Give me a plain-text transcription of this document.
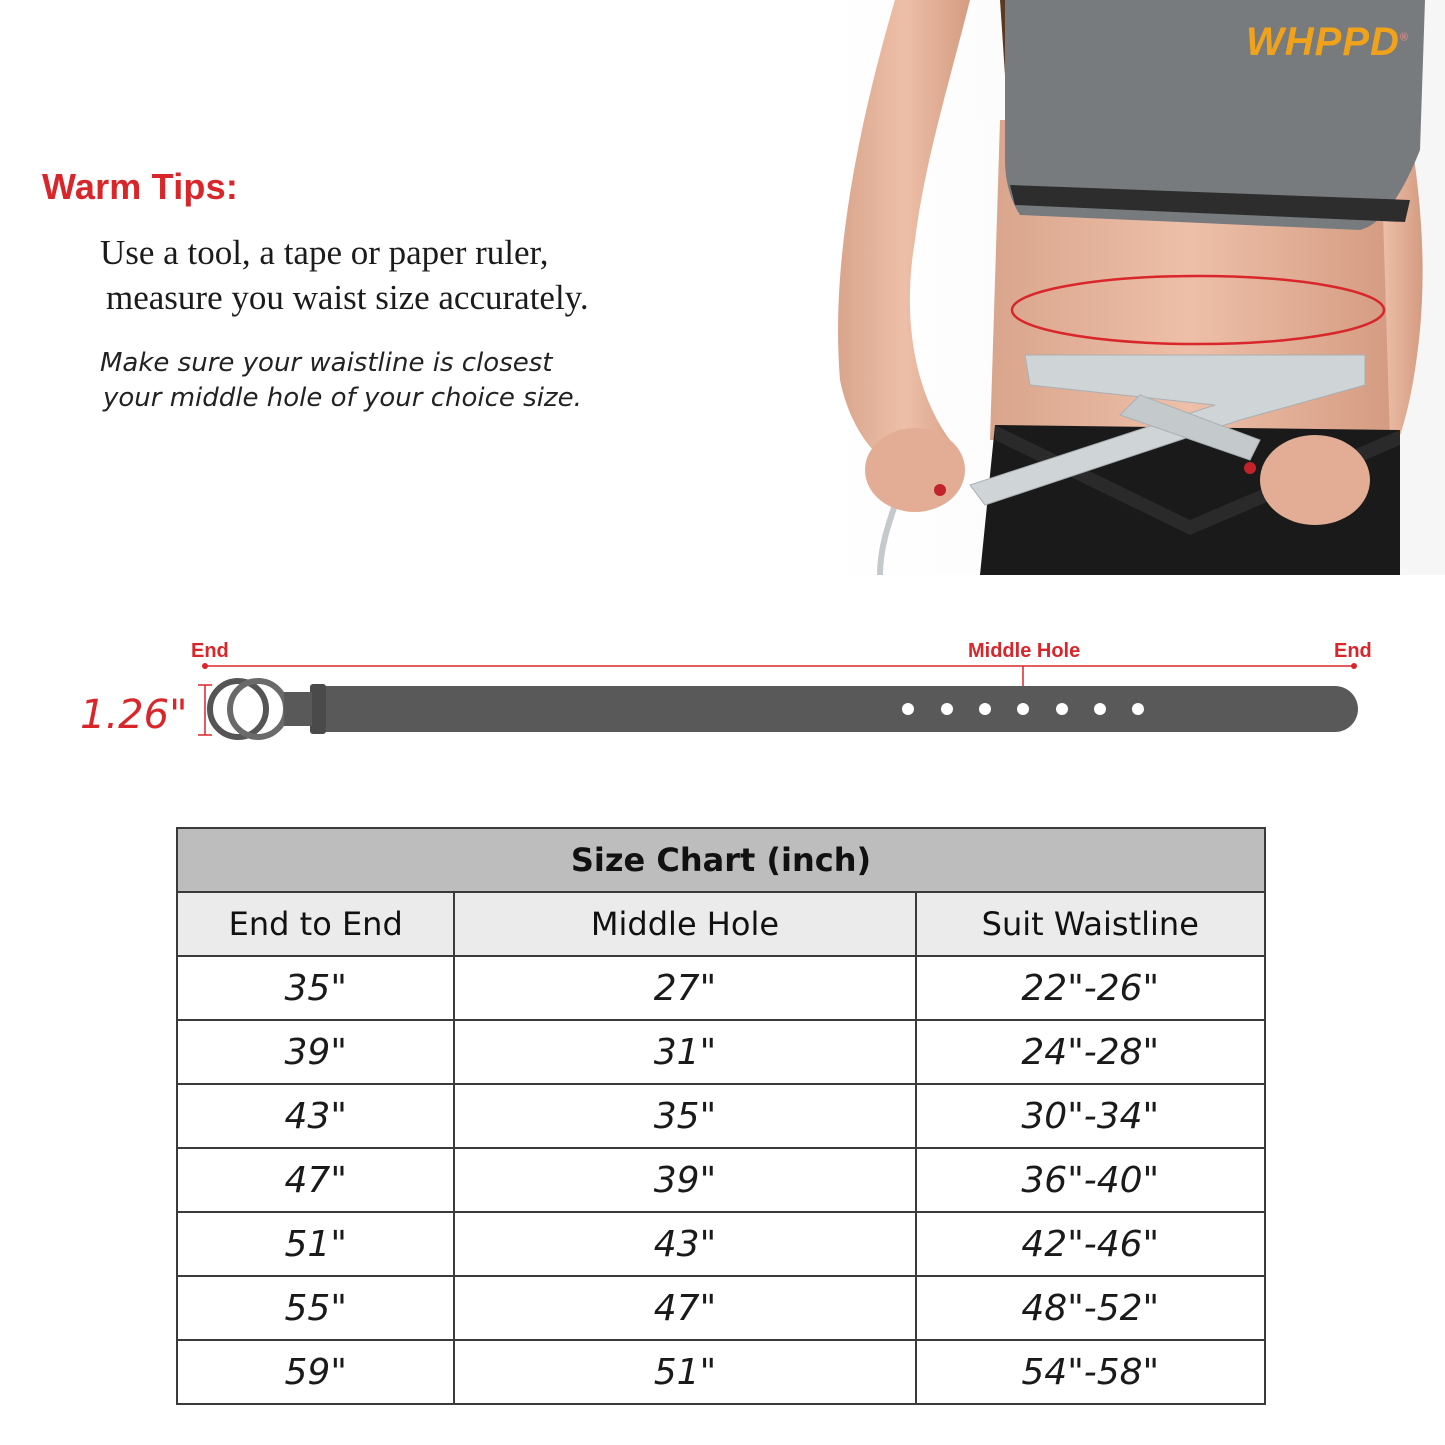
Warm Tips:
Use a tool, a tape or paper ruler,
measure you waist size accurately.
Make sure your waistline is closest
your middle hole of your choice size.
WHPPD®
End	Middle Hole	End
1.26"
Size Chart (inch)		
End to End	Middle Hole	Suit Waistline
35"	27"	22"-26"
39"	31"	24"-28"
43"	35"	30"-34"
47"	39"	36"-40"
51"	43"	42"-46"
55"	47"	48"-52"
59"	51"	54"-58"
